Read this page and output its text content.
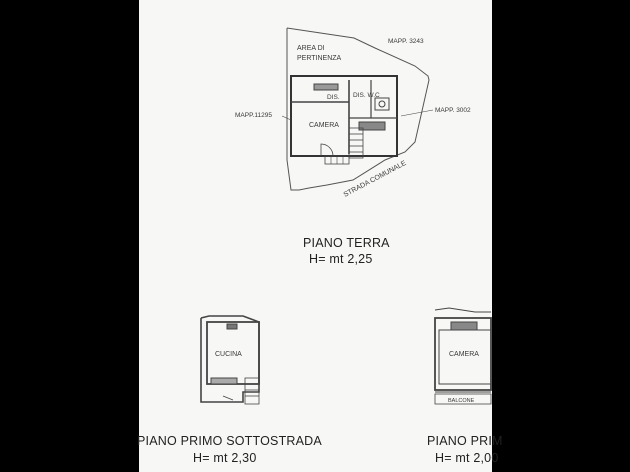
AREA DI
PERTINENZA
MAPP. 3243
MAPP.11295
MAPP. 3002
DIS. DIS. W.C
CAMERA
STRADA COMUNALE
CUCINA	CAMERA
BALCONE
PIANO TERRA
H= mt 2,25
PIANO PRIMO SOTTOSTRADA
H= mt 2,30
PIANO PRIM
H= mt 2,00
